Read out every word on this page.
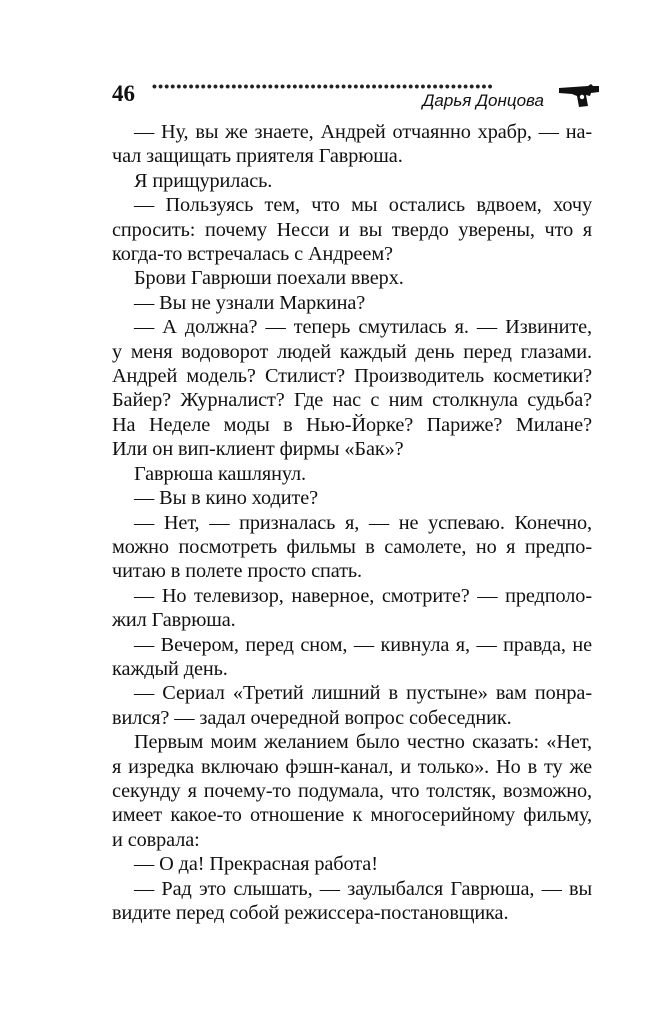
46 ••••••••••••••••••••••••••••••••••••••••••••••••••••••••
Дарья Донцова

— Ну, вы же знаете, Андрей отчаянно храбр, — на-
чал защищать приятеля Гаврюша.

Я прищурилась.

— Пользуясь тем, что мы остались вдвоем, хочу
спросить: почему Несси и вы твердо уверены, что я
когда-то встречалась с Андреем?

Брови Гаврюши поехали вверх.

— Вы не узнали Маркина?

— А должна? — теперь смутилась я. — Извините,
у меня водоворот людей каждый день перед глазами.
Андрей модель? Стилист? Производитель косметики?
Байер? Журналист? Где нас с ним столкнула судьба?
На Неделе моды в Нью-Йорке? Париже? Милане?
Или он вип-клиент фирмы «Бак»?

Гаврюша кашлянул.

— Вы в кино ходите?

— Нет, — призналась я, — не успеваю. Конечно,
можно посмотреть фильмы в самолете, но я предпо-
читаю в полете просто спать.

— Но телевизор, наверное, смотрите? — предполо-
жил Гаврюша.

— Вечером, перед сном, — кивнула я, — правда, не
каждый день.

— Сериал «Третий лишний в пустыне» вам понра-
вился? — задал очередной вопрос собеседник.

Первым моим желанием было честно сказать: «Нет,
я изредка включаю фэшн-канал, и только». Но в ту же
секунду я почему-то подумала, что толстяк, возможно,
имеет какое-то отношение к многосерийному фильму,
и соврала:

— О да! Прекрасная работа!

— Рад это слышать, — заулыбался Гаврюша, — вы
видите перед собой режиссера-постановщика.
